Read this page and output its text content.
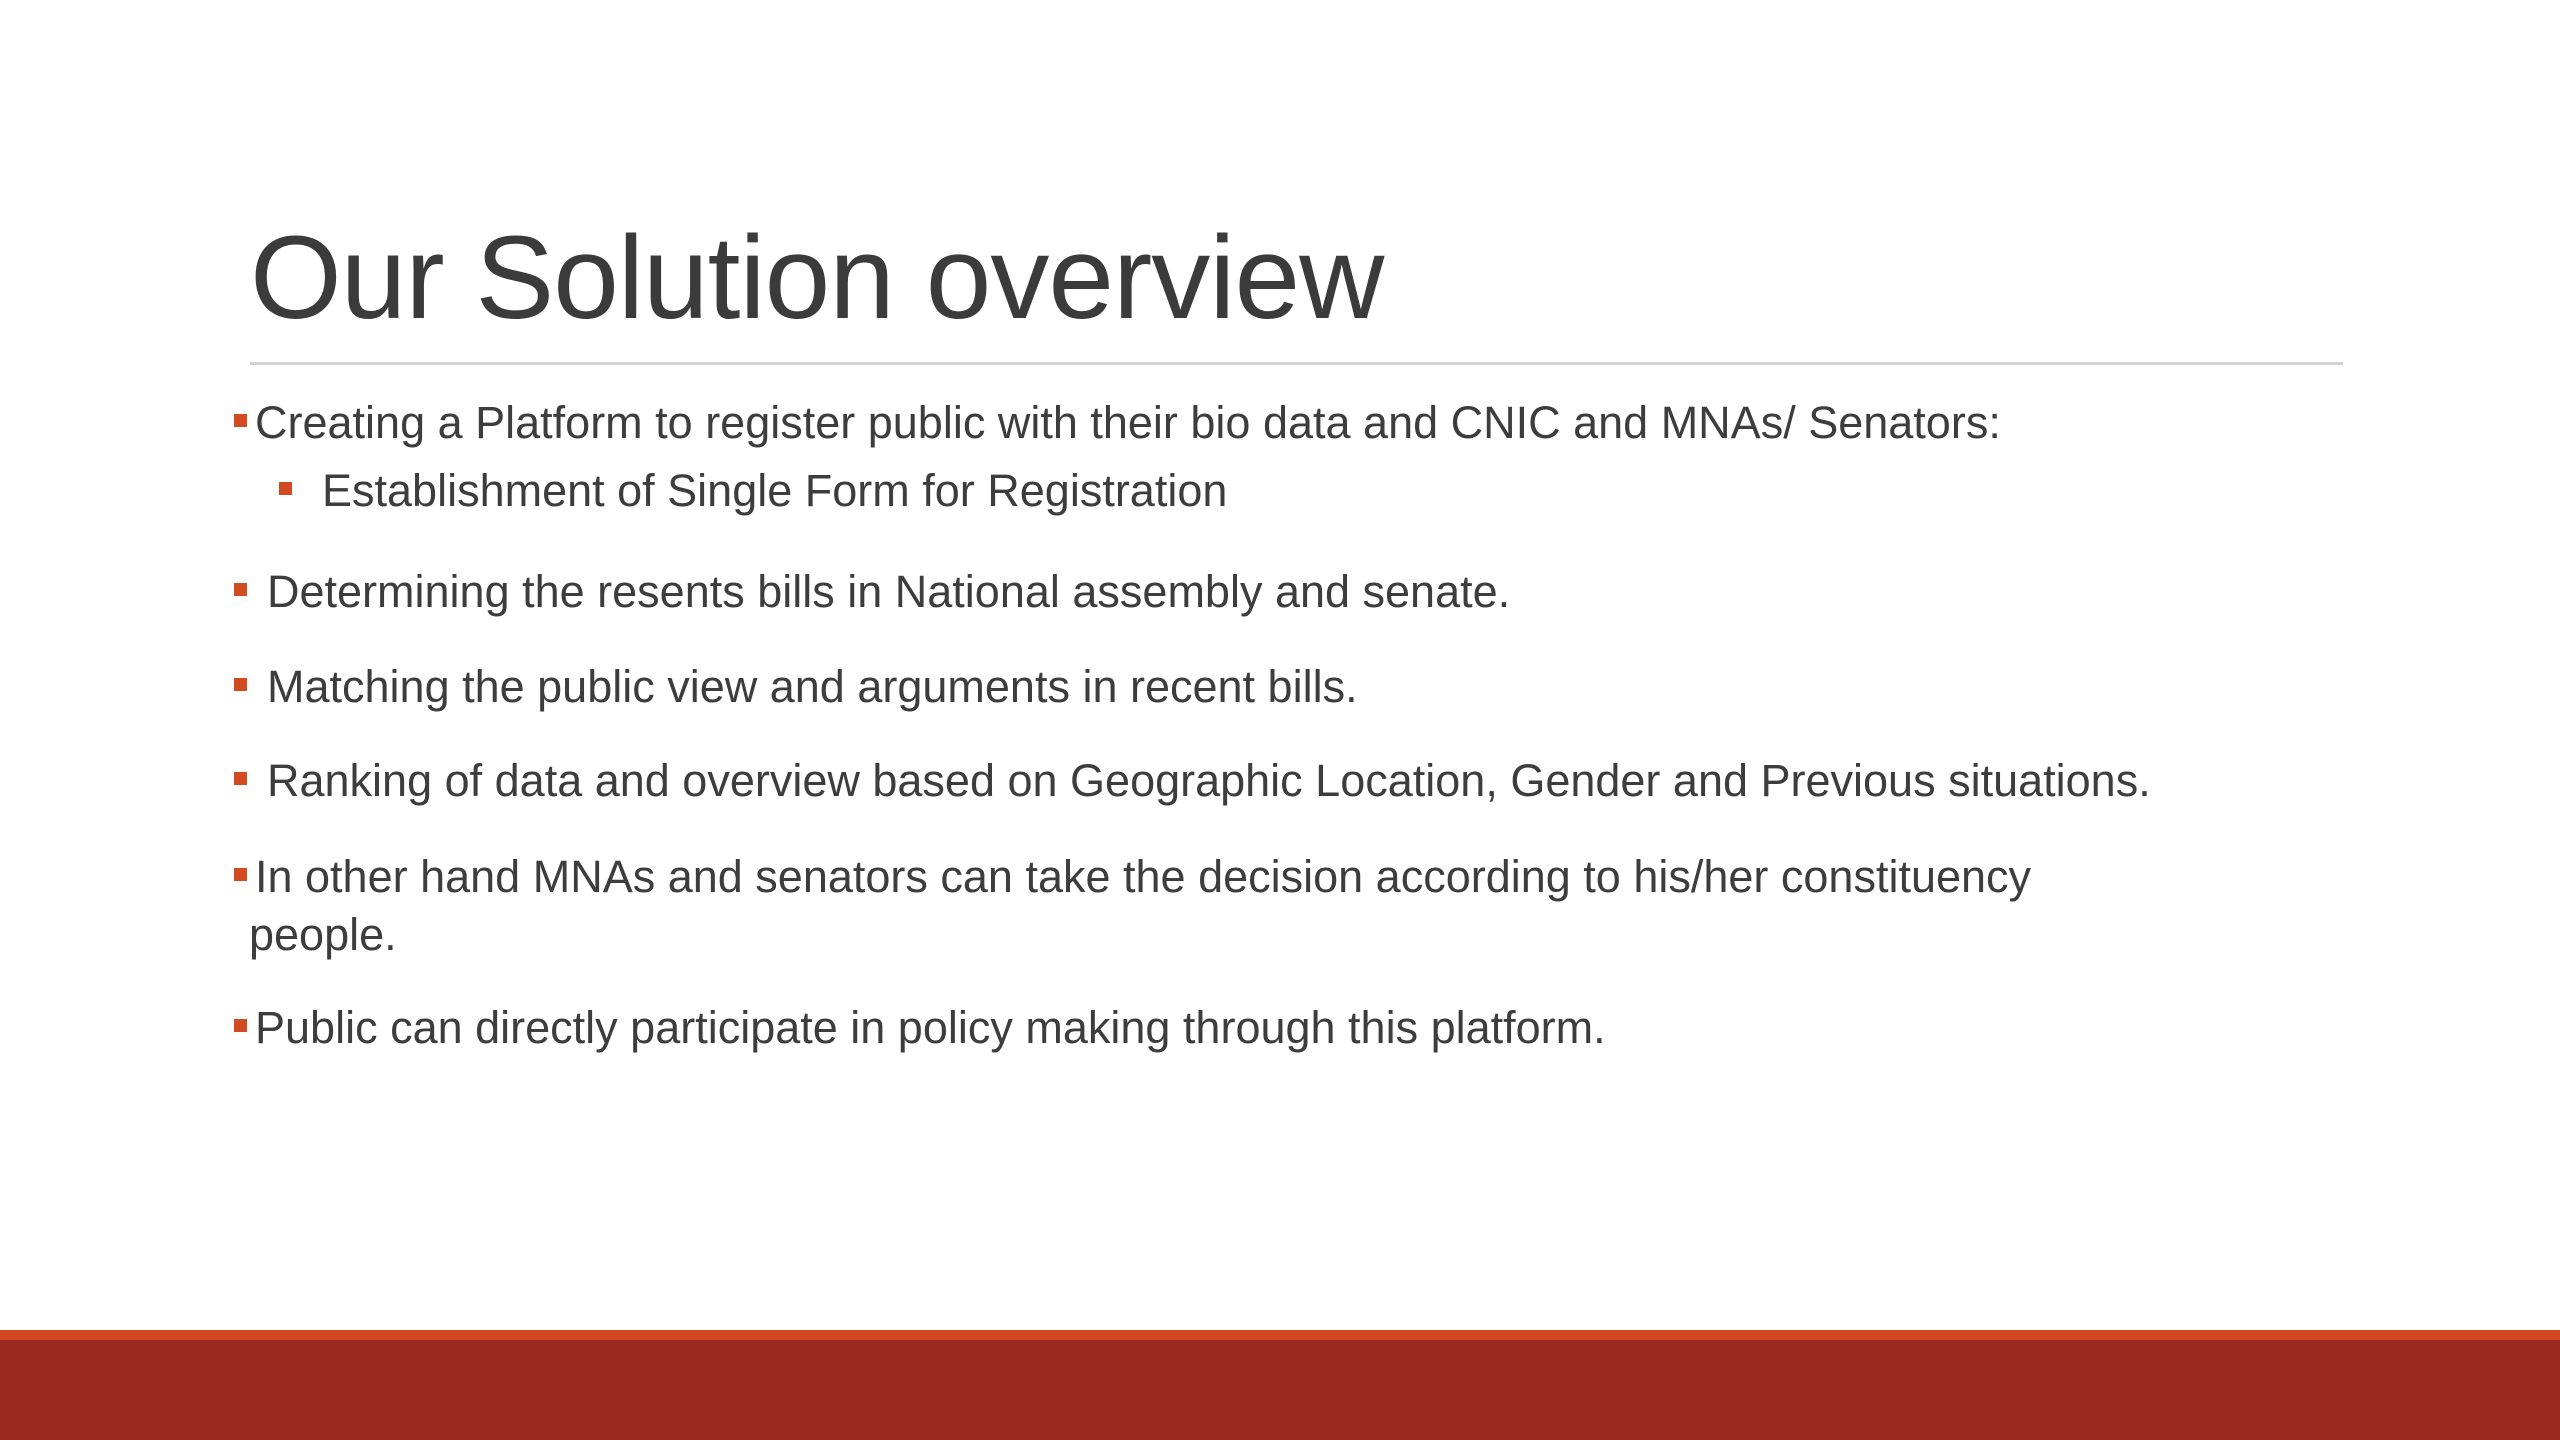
Our Solution overview
Creating a Platform to register public with their bio data and CNIC and MNAs/ Senators:
Establishment of Single Form for Registration
Determining the resents bills in National assembly and senate.
Matching the public view and arguments in recent bills.
Ranking of data and overview based on Geographic Location, Gender and Previous situations.
In other hand MNAs and senators can take the decision according to his/her constituency
people.
Public can directly participate in policy making through this platform.
